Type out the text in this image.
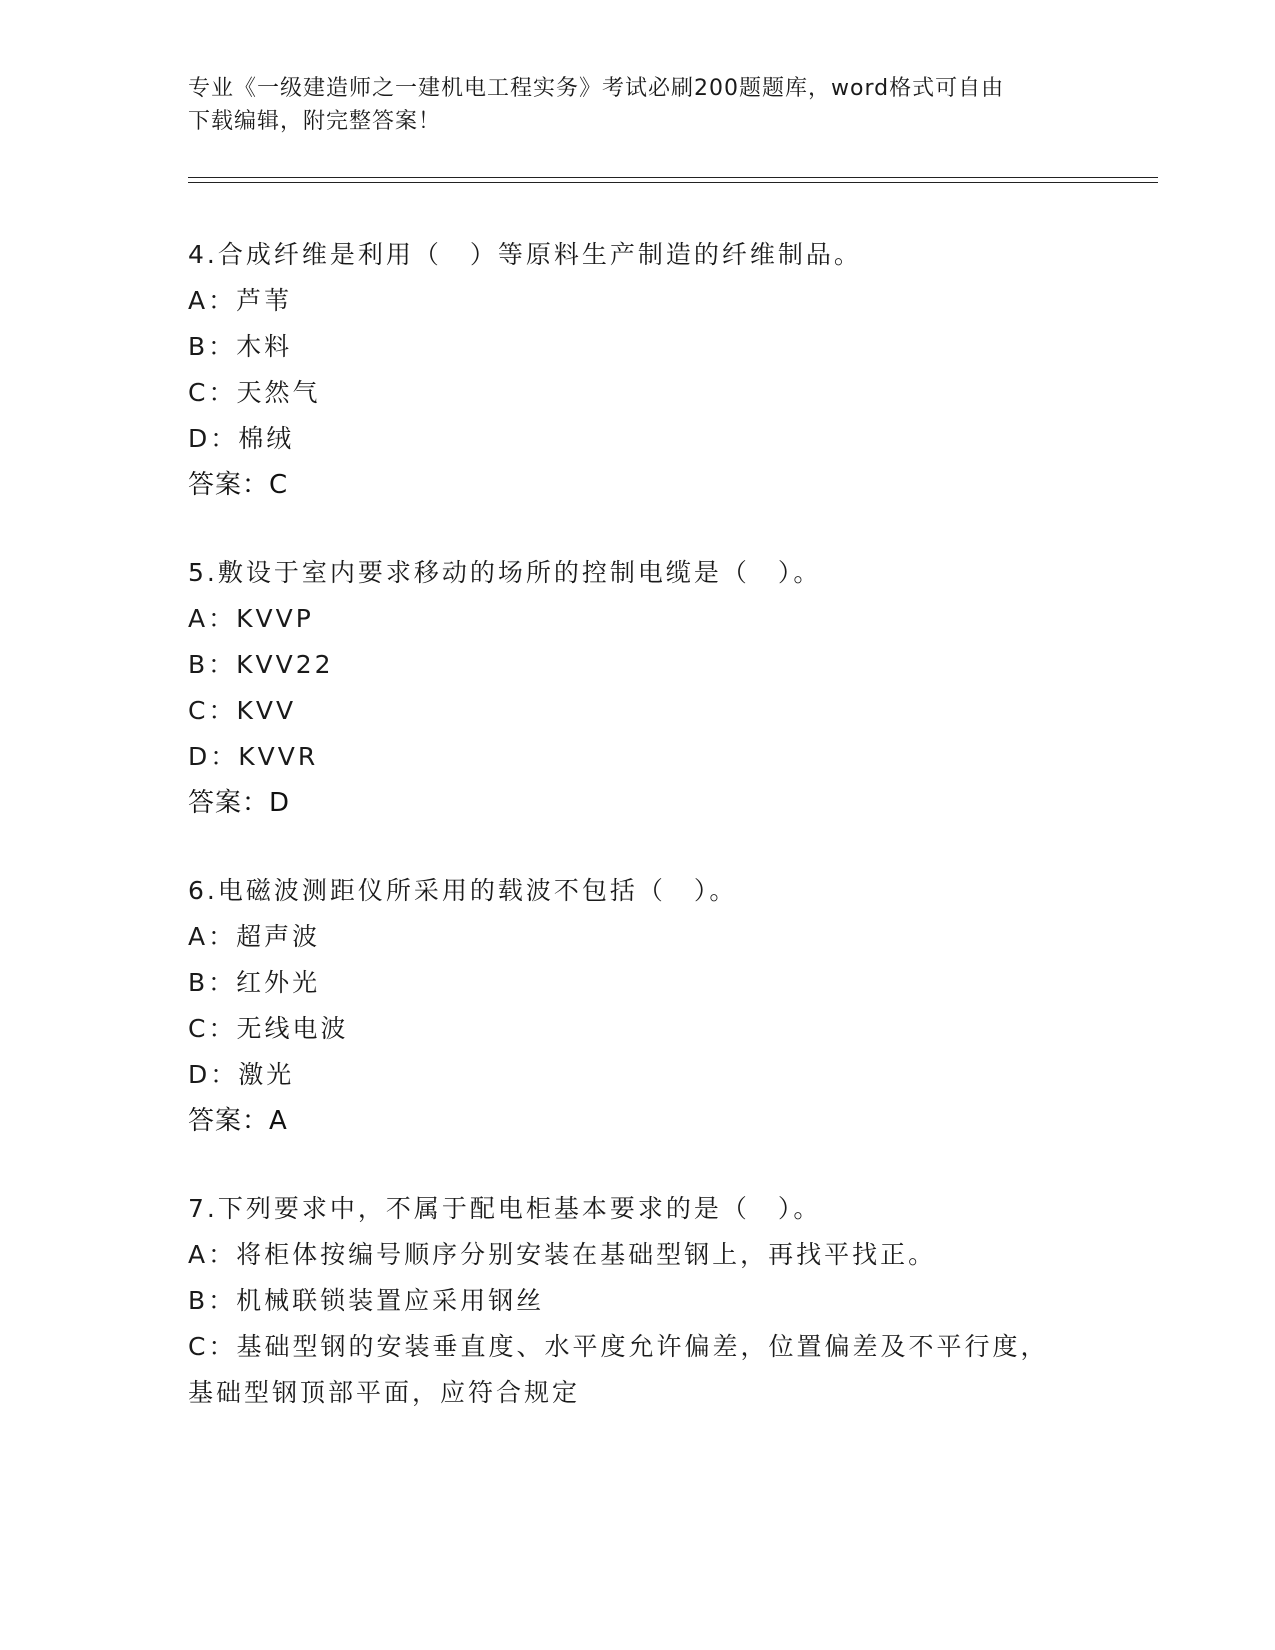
专业《一级建造师之一建机电工程实务》考试必刷200题题库，word格式可自由
下载编辑，附完整答案！
4.合成纤维是利用（　）等原料生产制造的纤维制品。
A：芦苇
B：木料
C：天然气
D：棉绒
答案：C
5.敷设于室内要求移动的场所的控制电缆是（　）。
A：KVVP
B：KVV22
C：KVV
D：KVVR
答案：D
6.电磁波测距仪所采用的载波不包括（　）。
A：超声波
B：红外光
C：无线电波
D：激光
答案：A
7.下列要求中，不属于配电柜基本要求的是（　）。
A：将柜体按编号顺序分别安装在基础型钢上，再找平找正。
B：机械联锁装置应采用钢丝
C：基础型钢的安装垂直度、水平度允许偏差，位置偏差及不平行度，
基础型钢顶部平面，应符合规定
